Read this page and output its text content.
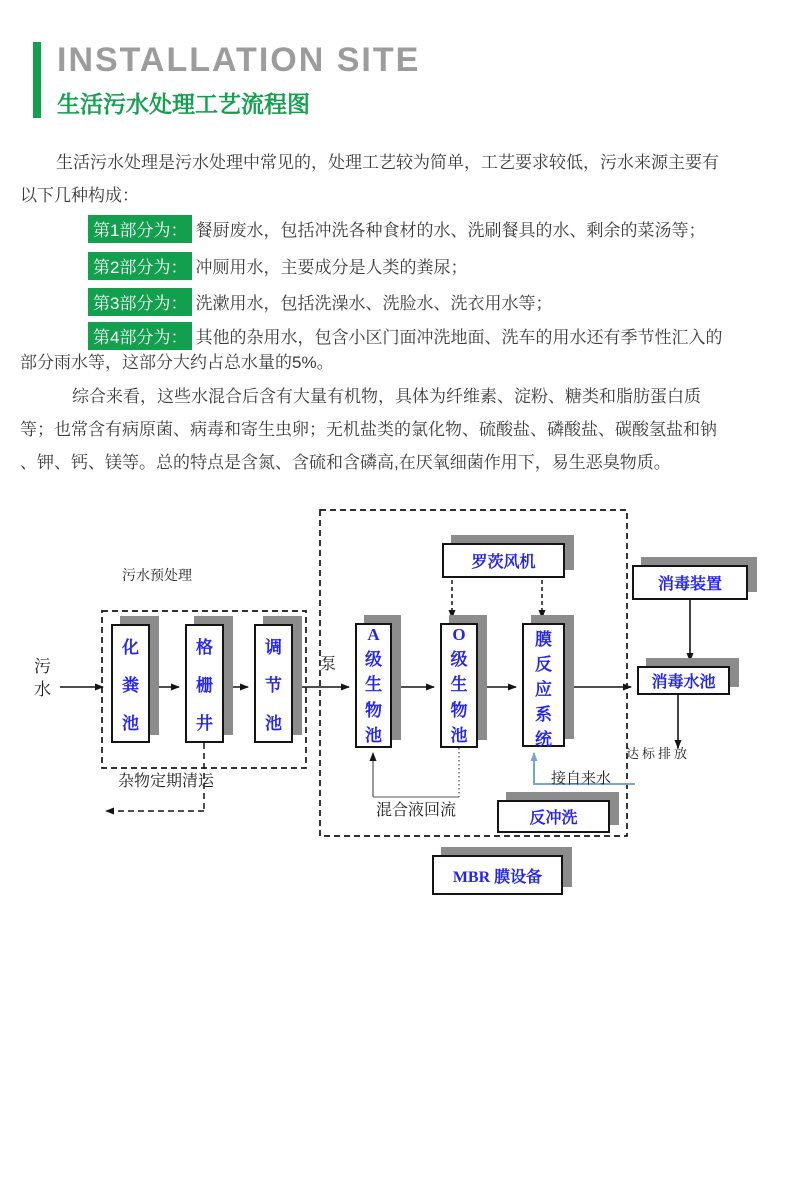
INSTALLATION SITE
生活污水处理工艺流程图
生活污水处理是污水处理中常见的，处理工艺较为简单，工艺要求较低，污水来源主要有
以下几种构成：
第1部分为： 餐厨废水，包括冲洗各种食材的水、洗刷餐具的水、剩余的菜汤等；
第2部分为： 冲厕用水，主要成分是人类的粪尿；
第3部分为： 洗漱用水，包括洗澡水、洗脸水、洗衣用水等；
第4部分为： 其他的杂用水，包含小区门面冲洗地面、洗车的用水还有季节性汇入的
部分雨水等，这部分大约占总水量的5%。
综合来看，这些水混合后含有大量有机物，具体为纤维素、淀粉、糖类和脂肪蛋白质
等；也常含有病原菌、病毒和寄生虫卵；无机盐类的氯化物、硫酸盐、磷酸盐、碳酸氢盐和钠
、钾、钙、镁等。总的特点是含氮、含硫和含磷高,在厌氧细菌作用下，易生恶臭物质。
污水预处理
污
水
泵
杂物定期清运
混合液回流
接自来水
达标排放
化
粪
池
格
栅
井
调
节
池
A
级
生
物
池
O
级
生
物
池
膜
反
应
系
统
罗茨风机
消毒装置
消毒水池
反冲洗
MBR 膜设备
